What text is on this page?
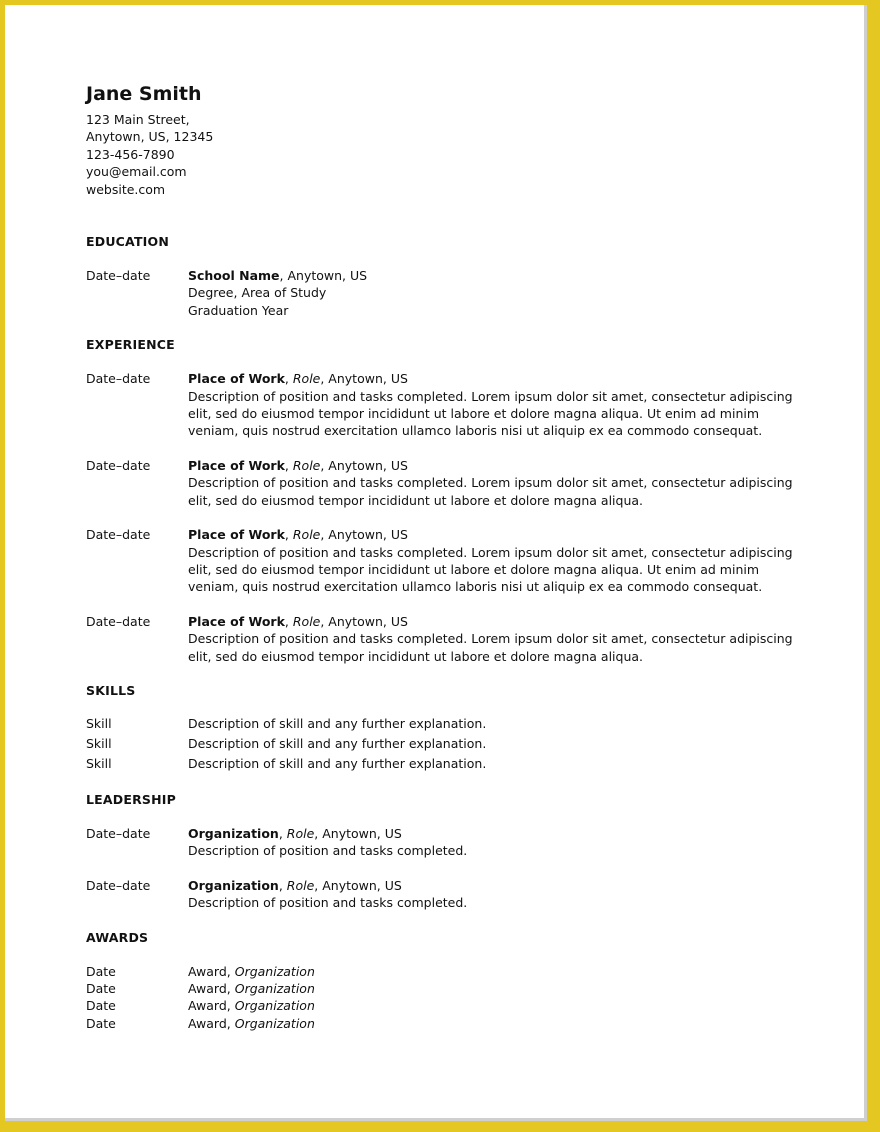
Jane Smith
123 Main Street,
Anytown, US, 12345
123-456-7890
you@email.com
website.com
EDUCATION
Date–date	School Name, Anytown, US
Degree, Area of Study
Graduation Year
EXPERIENCE
Date–date	Place of Work, Role, Anytown, US
Description of position and tasks completed. Lorem ipsum dolor sit amet, consectetur adipiscing elit, sed do eiusmod tempor incididunt ut labore et dolore magna aliqua. Ut enim ad minim veniam, quis nostrud exercitation ullamco laboris nisi ut aliquip ex ea commodo consequat.
Date–date	Place of Work, Role, Anytown, US
Description of position and tasks completed. Lorem ipsum dolor sit amet, consectetur adipiscing elit, sed do eiusmod tempor incididunt ut labore et dolore magna aliqua.
Date–date	Place of Work, Role, Anytown, US
Description of position and tasks completed. Lorem ipsum dolor sit amet, consectetur adipiscing elit, sed do eiusmod tempor incididunt ut labore et dolore magna aliqua. Ut enim ad minim veniam, quis nostrud exercitation ullamco laboris nisi ut aliquip ex ea commodo consequat.
Date–date	Place of Work, Role, Anytown, US
Description of position and tasks completed. Lorem ipsum dolor sit amet, consectetur adipiscing elit, sed do eiusmod tempor incididunt ut labore et dolore magna aliqua.
SKILLS
Skill	Description of skill and any further explanation.
Skill	Description of skill and any further explanation.
Skill	Description of skill and any further explanation.
LEADERSHIP
Date–date	Organization, Role, Anytown, US
Description of position and tasks completed.
Date–date	Organization, Role, Anytown, US
Description of position and tasks completed.
AWARDS
Date	Award, Organization
Date	Award, Organization
Date	Award, Organization
Date	Award, Organization
